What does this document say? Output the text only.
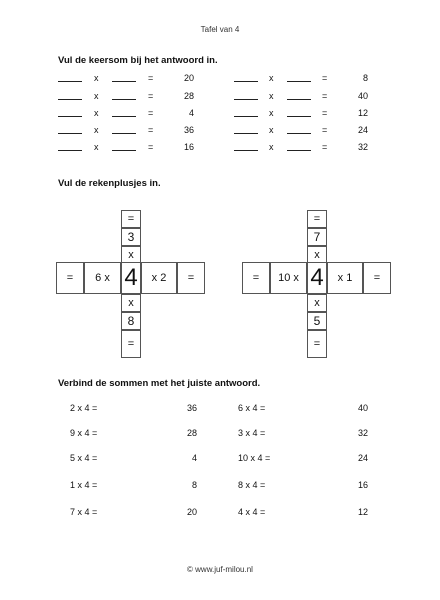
Tafel van 4
Vul de keersom bij het antwoord in.
x	=	20	x	=	8
x	=	28	x	=	40
x	=	4	x	=	12
x	=	36	x	=	24
x	=	16	x	=	32
Vul de rekenplusjes in.
=
3
x
x
8
=
= 6 x 4 x 2 =
=
7
x
x
5
=
= 10 x 4 x 1 =
Verbind de sommen met het juiste antwoord.
2 x 4 =	36	6 x 4 =	40
9 x 4 =	28	3 x 4 =	32
5 x 4 =	4	10 x 4 =	24
1 x 4 =	8	8 x 4 =	16
7 x 4 =	20	4 x 4 =	12
© www.juf-milou.nl
